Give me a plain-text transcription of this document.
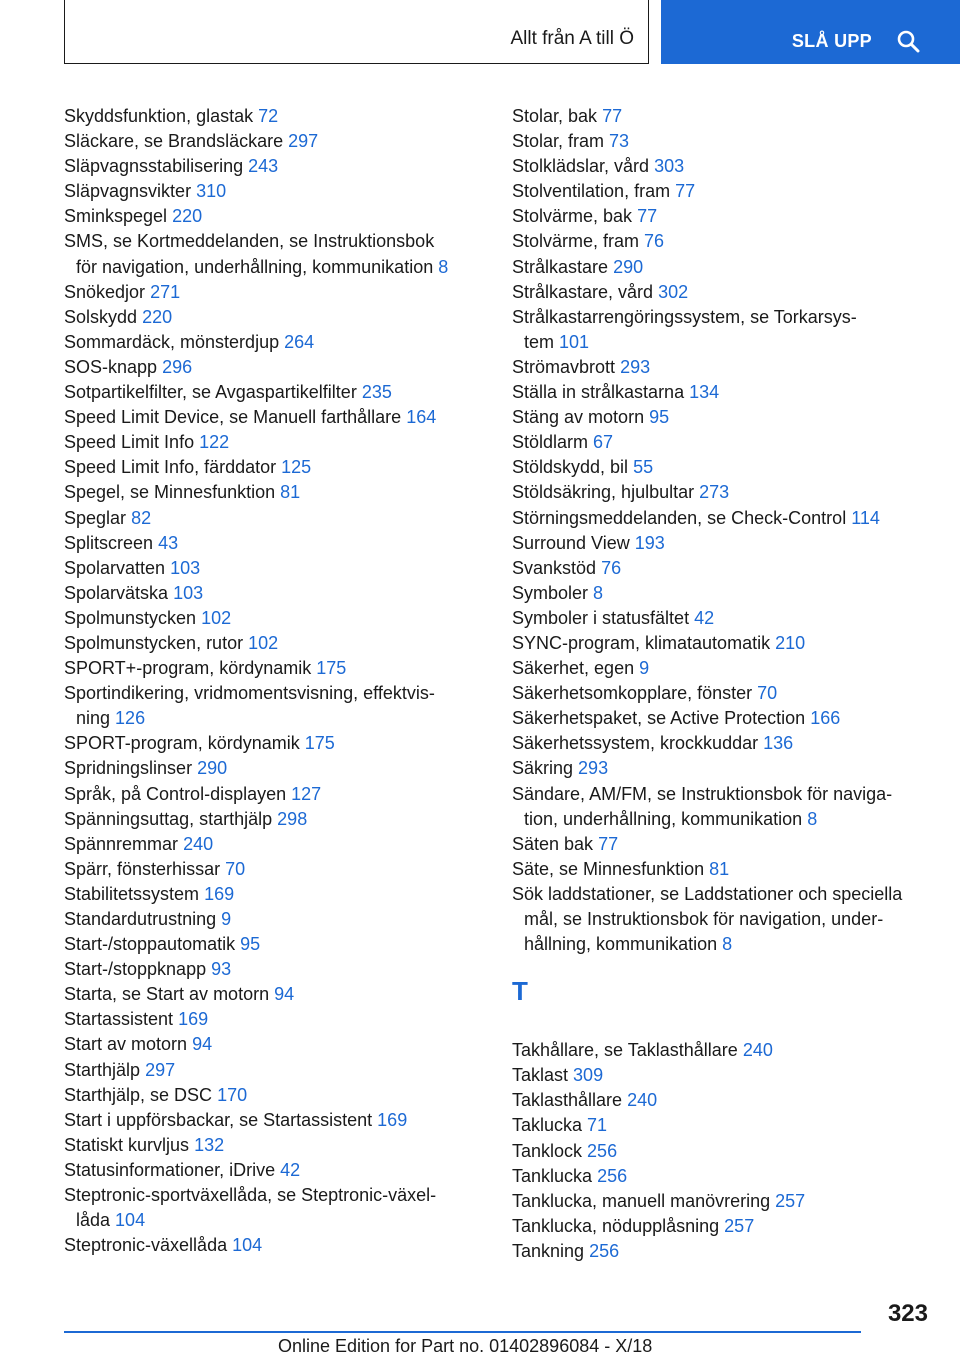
Allt från A till Ö	SLÅ UPP
Skyddsfunktion, glastak 72
Släckare, se Brandsläckare 297
Släpvagnsstabilisering 243
Släpvagnsvikter 310
Sminkspegel 220
SMS, se Kortmeddelanden, se Instruktionsbok
för navigation, underhållning, kommunikation 8
Snökedjor 271
Solskydd 220
Sommardäck, mönsterdjup 264
SOS-knapp 296
Sotpartikelfilter, se Avgaspartikelfilter 235
Speed Limit Device, se Manuell farthållare 164
Speed Limit Info 122
Speed Limit Info, färddator 125
Spegel, se Minnesfunktion 81
Speglar 82
Splitscreen 43
Spolarvatten 103
Spolarvätska 103
Spolmunstycken 102
Spolmunstycken, rutor 102
SPORT+-program, kördynamik 175
Sportindikering, vridmomentsvisning, effektvis-
ning 126
SPORT-program, kördynamik 175
Spridningslinser 290
Språk, på Control-displayen 127
Spänningsuttag, starthjälp 298
Spännremmar 240
Spärr, fönsterhissar 70
Stabilitetssystem 169
Standardutrustning 9
Start-/stoppautomatik 95
Start-/stoppknapp 93
Starta, se Start av motorn 94
Startassistent 169
Start av motorn 94
Starthjälp 297
Starthjälp, se DSC 170
Start i uppförsbackar, se Startassistent 169
Statiskt kurvljus 132
Statusinformationer, iDrive 42
Steptronic-sportväxellåda, se Steptronic-växel-
låda 104
Steptronic-växellåda 104
Stolar, bak 77
Stolar, fram 73
Stolklädslar, vård 303
Stolventilation, fram 77
Stolvärme, bak 77
Stolvärme, fram 76
Strålkastare 290
Strålkastare, vård 302
Strålkastarrengöringssystem, se Torkarsys-
tem 101
Strömavbrott 293
Ställa in strålkastarna 134
Stäng av motorn 95
Stöldlarm 67
Stöldskydd, bil 55
Stöldsäkring, hjulbultar 273
Störningsmeddelanden, se Check-Control 114
Surround View 193
Svankstöd 76
Symboler 8
Symboler i statusfältet 42
SYNC-program, klimatautomatik 210
Säkerhet, egen 9
Säkerhetsomkopplare, fönster 70
Säkerhetspaket, se Active Protection 166
Säkerhetssystem, krockkuddar 136
Säkring 293
Sändare, AM/FM, se Instruktionsbok för naviga-
tion, underhållning, kommunikation 8
Säten bak 77
Säte, se Minnesfunktion 81
Sök laddstationer, se Laddstationer och speciella
mål, se Instruktionsbok för navigation, under-
hållning, kommunikation 8
T
Takhållare, se Taklasthållare 240
Taklast 309
Taklasthållare 240
Taklucka 71
Tanklock 256
Tanklucka 256
Tanklucka, manuell manövrering 257
Tanklucka, nödupplåsning 257
Tankning 256
323
Online Edition for Part no. 01402896084 - X/18
